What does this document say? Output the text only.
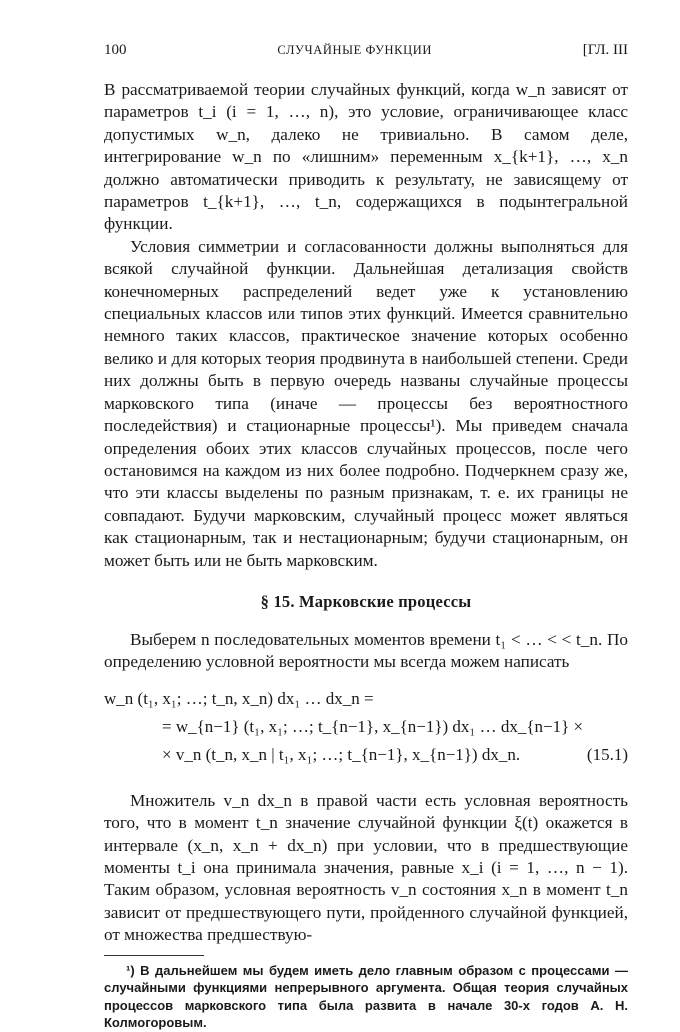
100	СЛУЧАЙНЫЕ ФУНКЦИИ	[ГЛ. III

В рассматриваемой теории случайных функций, когда w_n зависят от параметров t_i (i = 1, …, n), это условие, ограничивающее класс допустимых w_n, далеко не тривиально. В самом деле, интегрирование w_n по «лишним» переменным x_{k+1}, …, x_n должно автоматически приводить к результату, не зависящему от параметров t_{k+1}, …, t_n, содержащихся в подынтегральной функции.

Условия симметрии и согласованности должны выполняться для всякой случайной функции. Дальнейшая детализация свойств конечномерных распределений ведет уже к установлению специальных классов или типов этих функций. Имеется сравнительно немного таких классов, практическое значение которых особенно велико и для которых теория продвинута в наибольшей степени. Среди них должны быть в первую очередь названы случайные процессы марковского типа (иначе — процессы без вероятностного последействия) и стационарные процессы¹). Мы приведем сначала определения обоих этих классов случайных процессов, после чего остановимся на каждом из них более подробно. Подчеркнем сразу же, что эти классы выделены по разным признакам, т. е. их границы не совпадают. Будучи марковским, случайный процесс может являться как стационарным, так и нестационарным; будучи стационарным, он может быть или не быть марковским.

§ 15. Марковские процессы

Выберем n последовательных моментов времени t₁ < … < < t_n. По определению условной вероятности мы всегда можем написать

w_n (t₁, x₁; …; t_n, x_n) dx₁ … dx_n =
= w_{n−1} (t₁, x₁; …; t_{n−1}, x_{n−1}) dx₁ … dx_{n−1} ×
× v_n (t_n, x_n | t₁, x₁; …; t_{n−1}, x_{n−1}) dx_n.	(15.1)

Множитель v_n dx_n в правой части есть условная вероятность того, что в момент t_n значение случайной функции ξ(t) окажется в интервале (x_n, x_n + dx_n) при условии, что в предшествующие моменты t_i она принимала значения, равные x_i (i = 1, …, n − 1). Таким образом, условная вероятность v_n состояния x_n в момент t_n зависит от предшествующего пути, пройденного случайной функцией, от множества предшествую-

¹) В дальнейшем мы будем иметь дело главным образом с процессами — случайными функциями непрерывного аргумента. Общая теория случайных процессов марковского типа была развита в начале 30-х годов А. Н. Колмогоровым.
